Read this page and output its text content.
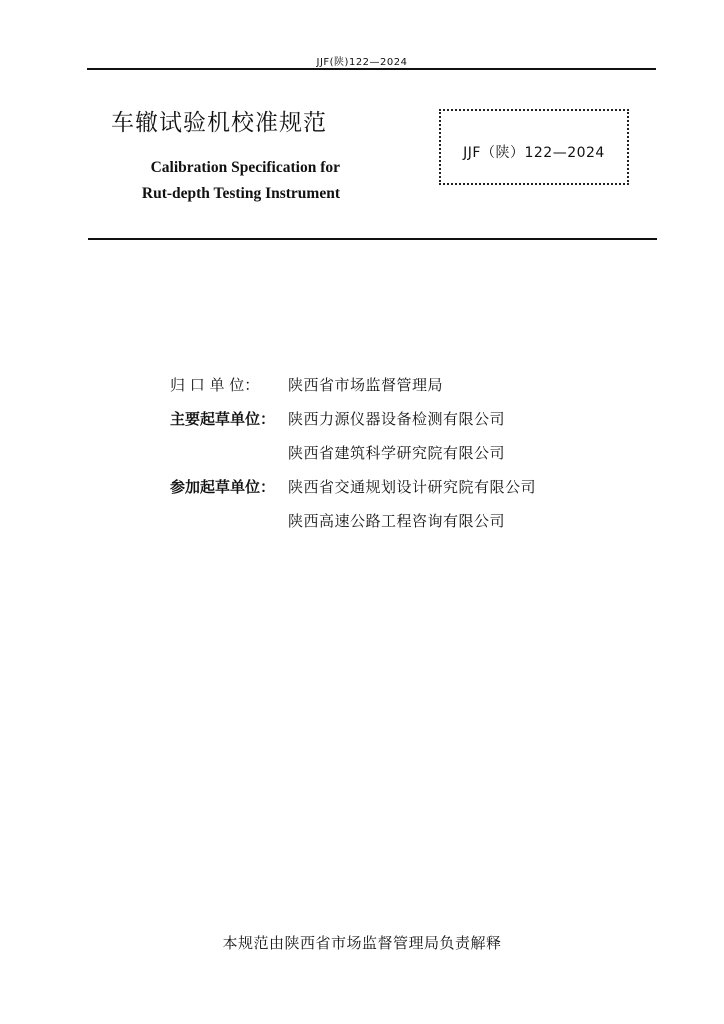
JJF(陕)122—2024
车辙试验机校准规范
Calibration Specification for
Rut-depth Testing Instrument
JJF（陕）122—2024
归 口 单 位：	陕西省市场监督管理局
主要起草单位： 陕西力源仪器设备检测有限公司
陕西省建筑科学研究院有限公司
参加起草单位： 陕西省交通规划设计研究院有限公司
陕西高速公路工程咨询有限公司
本规范由陕西省市场监督管理局负责解释
